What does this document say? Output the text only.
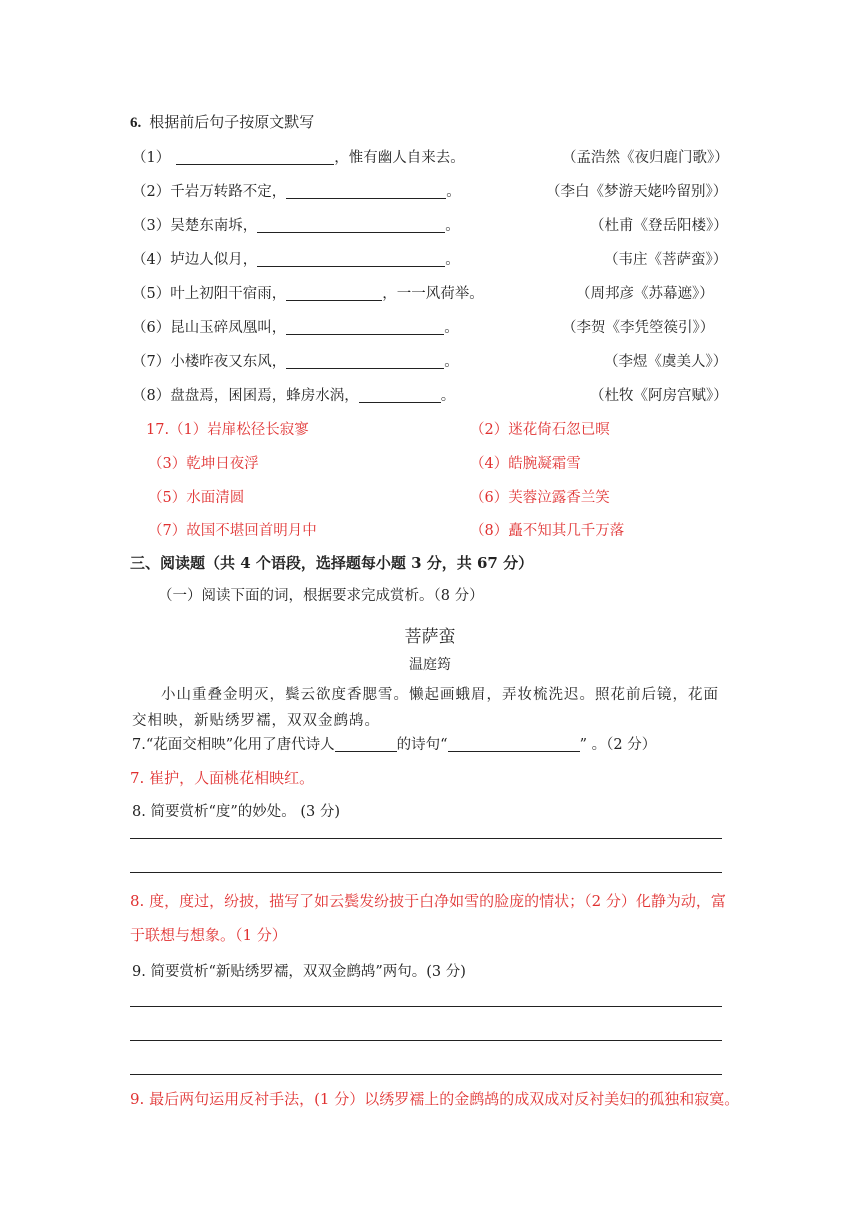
6. 根据前后句子按原文默写
（1）	，惟有幽人自来去。	（孟浩然《夜归鹿门歌》）
（2）千岩万转路不定，	。	（李白《梦游天姥吟留别》）
（3）吴楚东南坼，	。	（杜甫《登岳阳楼》）
（4）垆边人似月，	。	（韦庄《菩萨蛮》）
（5）叶上初阳干宿雨，	，一一风荷举。	（周邦彦《苏幕遮》）
（6）昆山玉碎凤凰叫，	。	（李贺《李凭箜篌引》）
（7）小楼昨夜又东风，	。	（李煜《虞美人》）
（8）盘盘焉，囷囷焉，蜂房水涡，	。	（杜牧《阿房宫赋》）
17.（1）岩扉松径长寂寥	（2）迷花倚石忽已暝
（3）乾坤日夜浮	（4）皓腕凝霜雪
（5）水面清圆	（6）芙蓉泣露香兰笑
（7）故国不堪回首明月中	（8）矗不知其几千万落
三、阅读题（共 4 个语段，选择题每小题 3 分，共 67 分）
（一）阅读下面的词，根据要求完成赏析。（8 分）
菩萨蛮
温庭筠
小山重叠金明灭，鬓云欲度香腮雪。懒起画蛾眉，弄妆梳洗迟。照花前后镜，花面交相映，新贴绣罗襦，双双金鹧鸪。
7.“花面交相映”化用了唐代诗人	的诗句“	” 。（2 分）
7. 崔护，人面桃花相映红。
8. 简要赏析“度”的妙处。 (3 分)
8. 度，度过，纷披，描写了如云鬓发纷披于白净如雪的脸庞的情状；（2 分）化静为动，富于联想与想象。（1 分）
9. 简要赏析“新贴绣罗襦，双双金鹧鸪”两句。(3 分)
9. 最后两句运用反衬手法，(1 分）以绣罗襦上的金鹧鸪的成双成对反衬美妇的孤独和寂寞。
